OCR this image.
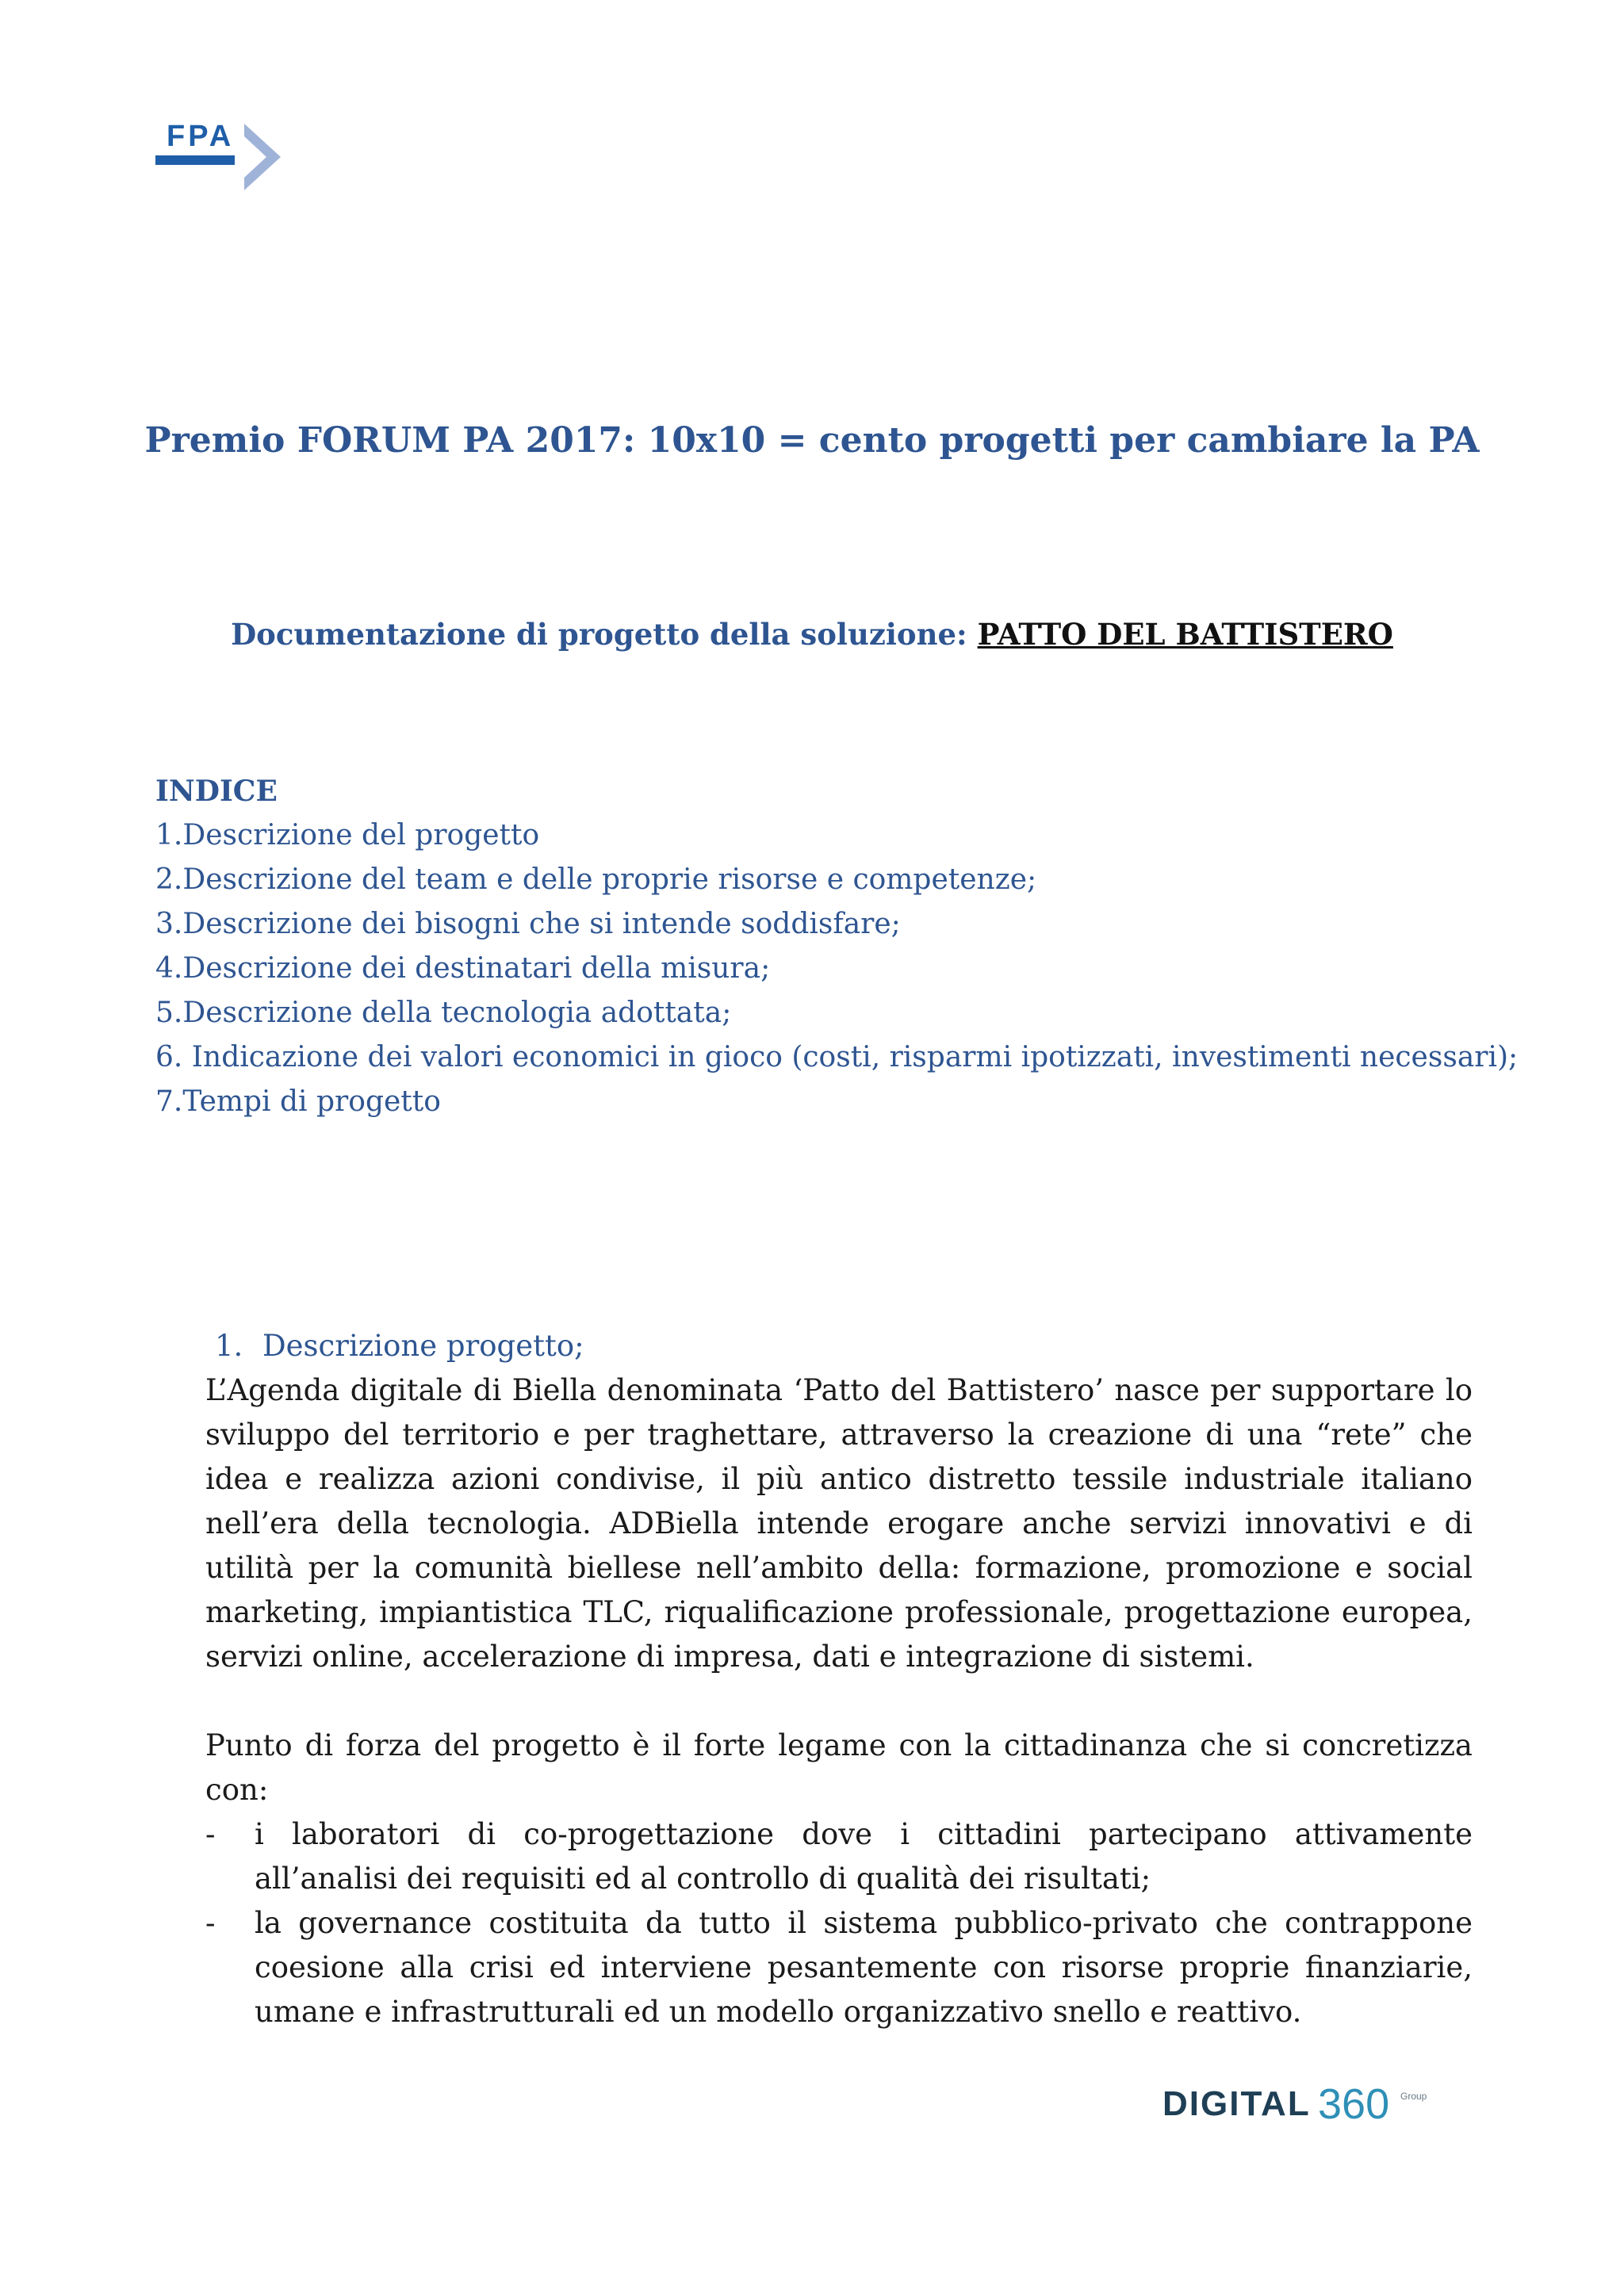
FPA
Premio FORUM PA 2017: 10x10 = cento progetti per cambiare la PA
Documentazione di progetto della soluzione: PATTO DEL BATTISTERO
INDICE
1.Descrizione del progetto
2.Descrizione del team e delle proprie risorse e competenze;
3.Descrizione dei bisogni che si intende soddisfare;
4.Descrizione dei destinatari della misura;
5.Descrizione della tecnologia adottata;
6. Indicazione dei valori economici in gioco (costi, risparmi ipotizzati, investimenti necessari);
7.Tempi di progetto
1. Descrizione progetto;

L’Agenda digitale di Biella denominata ‘Patto del Battistero’ nasce per supportare lo sviluppo del territorio e per traghettare, attraverso la creazione di una “rete” che idea e realizza azioni condivise, il più antico distretto tessile industriale italiano nell’era della tecnologia. ADBiella intende erogare anche servizi innovativi e di utilità per la comunità biellese nell’ambito della: formazione, promozione e social marketing, impiantistica TLC, riqualificazione professionale, progettazione europea, servizi online, accelerazione di impresa, dati e integrazione di sistemi.

Punto di forza del progetto è il forte legame con la cittadinanza che si concretizza con:

- i laboratori di co-progettazione dove i cittadini partecipano attivamente all’analisi dei requisiti ed al controllo di qualità dei risultati;
- la governance costituita da tutto il sistema pubblico-privato che contrappone coesione alla crisi ed interviene pesantemente con risorse proprie finanziarie, umane e infrastrutturali ed un modello organizzativo snello e reattivo.
DIGITAL 360 Group
